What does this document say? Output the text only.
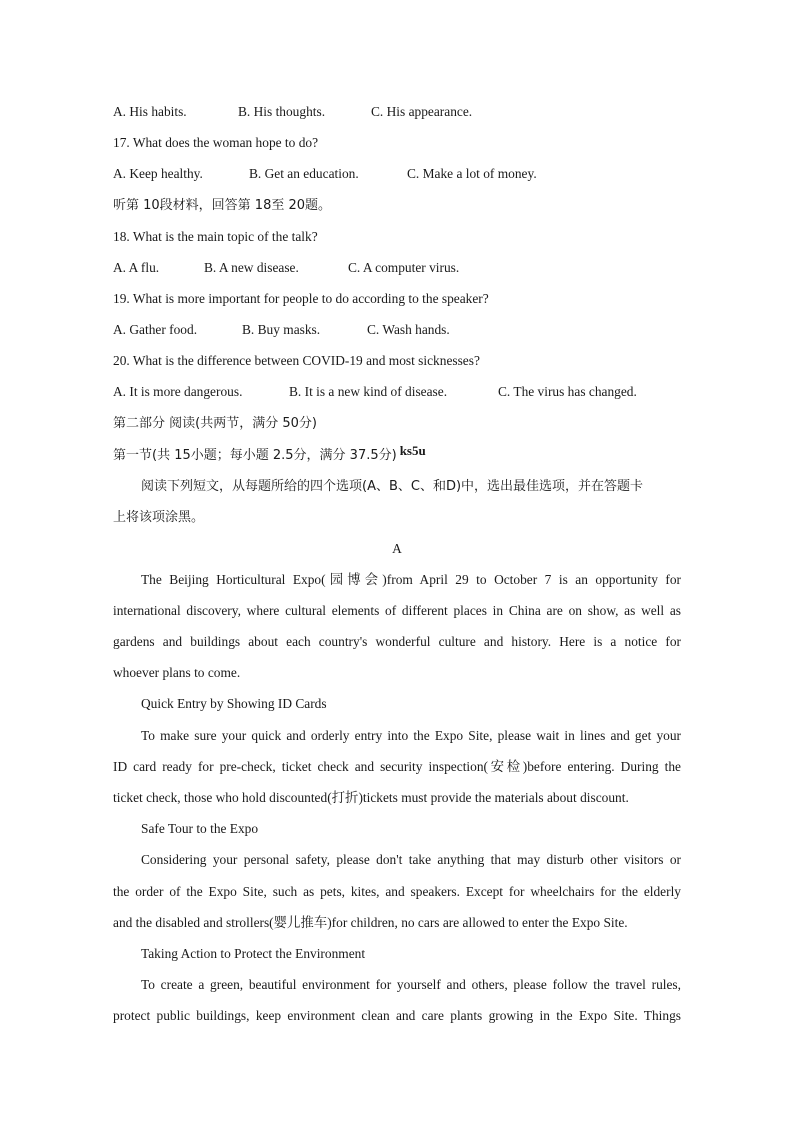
A. His habits.	B. His thoughts.	C. His appearance.
17. What does the woman hope to do?
A. Keep healthy.	B. Get an education.	C. Make a lot of money.
听第 10段材料，回答第 18至 20题。
18. What is the main topic of the talk?
A. A flu.	B. A new disease.	C. A computer virus.
19. What is more important for people to do according to the speaker?
A. Gather food.	B. Buy masks.	C. Wash hands.
20. What is the difference between COVID-19 and most sicknesses?
A. It is more dangerous.	B. It is a new kind of disease.	C. The virus has changed.
第二部分 阅读(共两节，满分 50分)
第一节(共 15小题；每小题 2.5分，满分 37.5分) ks5u
阅读下列短文，从每题所给的四个选项(A、B、C、和D)中，选出最佳选项，并在答题卡
上将该项涂黑。
A
The Beijing Horticultural Expo(园博会)from April 29 to October 7 is an opportunity for
international discovery, where cultural elements of different places in China are on show, as well as
gardens and buildings about each country's wonderful culture and history. Here is a notice for
whoever plans to come.
Quick Entry by Showing ID Cards
To make sure your quick and orderly entry into the Expo Site, please wait in lines and get your
ID card ready for pre-check, ticket check and security inspection(安检)before entering. During the
ticket check, those who hold discounted(打折)tickets must provide the materials about discount.
Safe Tour to the Expo
Considering your personal safety, please don't take anything that may disturb other visitors or
the order of the Expo Site, such as pets, kites, and speakers. Except for wheelchairs for the elderly
and the disabled and strollers(婴儿推车)for children, no cars are allowed to enter the Expo Site.
Taking Action to Protect the Environment
To create a green, beautiful environment for yourself and others, please follow the travel rules,
protect public buildings, keep environment clean and care plants growing in the Expo Site. Things
